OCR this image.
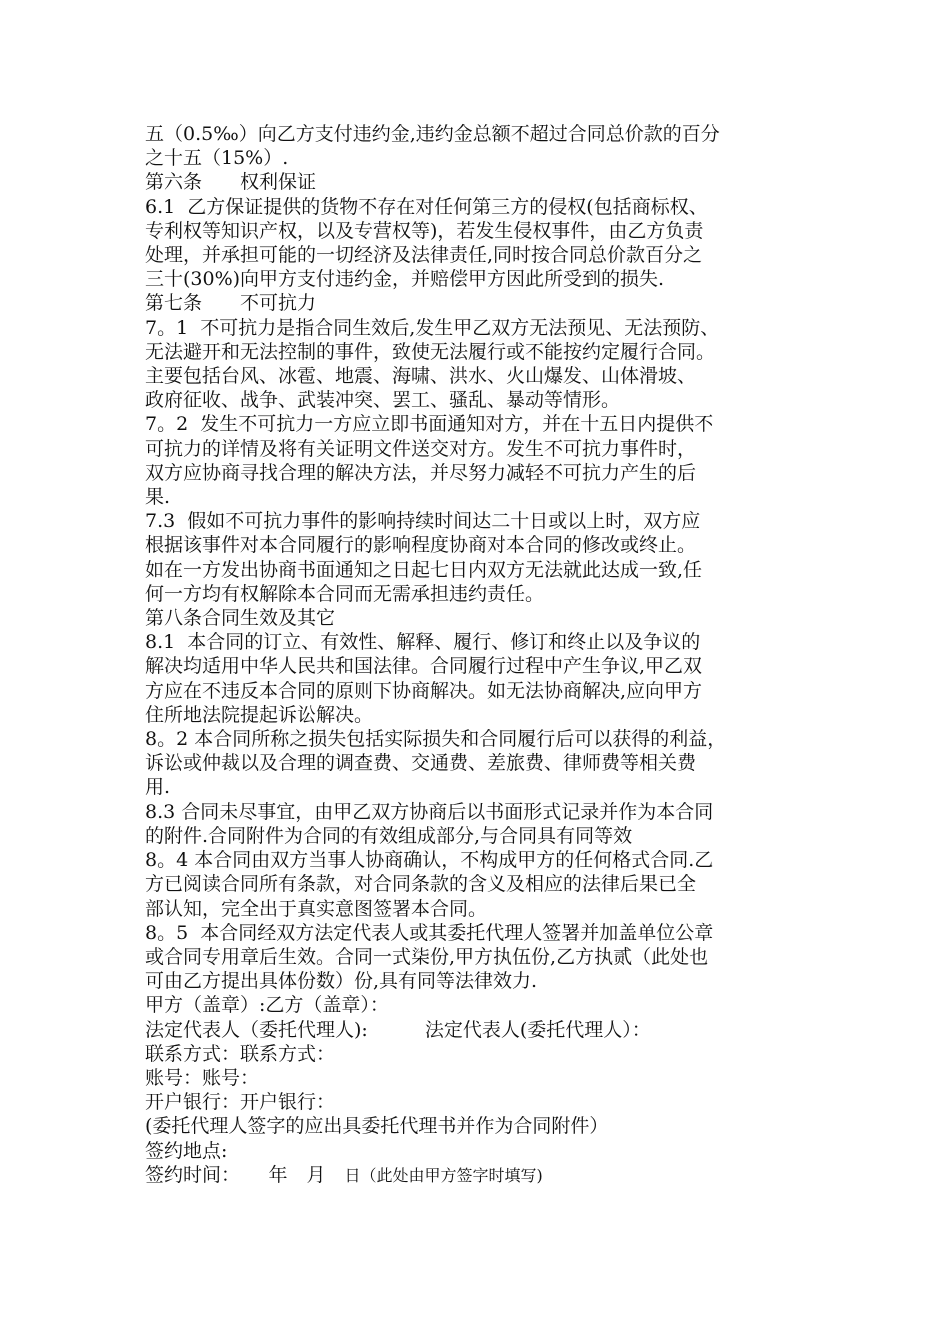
五（0.5‰）向乙方支付违约金,违约金总额不超过合同总价款的百分
之十五（15%）.
第六条　　权利保证
6.1  乙方保证提供的货物不存在对任何第三方的侵权(包括商标权、
专利权等知识产权，以及专营权等)，若发生侵权事件，由乙方负责
处理，并承担可能的一切经济及法律责任,同时按合同总价款百分之
三十(30%)向甲方支付违约金，并赔偿甲方因此所受到的损失.
第七条　　不可抗力
7。1  不可抗力是指合同生效后,发生甲乙双方无法预见、无法预防、
无法避开和无法控制的事件，致使无法履行或不能按约定履行合同。
主要包括台风、冰雹、地震、海啸、洪水、火山爆发、山体滑坡、
政府征收、战争、武装冲突、罢工、骚乱、暴动等情形。
7。2  发生不可抗力一方应立即书面通知对方，并在十五日内提供不
可抗力的详情及将有关证明文件送交对方。发生不可抗力事件时，
双方应协商寻找合理的解决方法，并尽努力减轻不可抗力产生的后
果.
7.3  假如不可抗力事件的影响持续时间达二十日或以上时，双方应
根据该事件对本合同履行的影响程度协商对本合同的修改或终止。
如在一方发出协商书面通知之日起七日内双方无法就此达成一致,任
何一方均有权解除本合同而无需承担违约责任。
第八条合同生效及其它
8.1  本合同的订立、有效性、解释、履行、修订和终止以及争议的
解决均适用中华人民共和国法律。合同履行过程中产生争议,甲乙双
方应在不违反本合同的原则下协商解决。如无法协商解决,应向甲方
住所地法院提起诉讼解决。
8。2 本合同所称之损失包括实际损失和合同履行后可以获得的利益，
诉讼或仲裁以及合理的调查费、交通费、差旅费、律师费等相关费
用.
8.3 合同未尽事宜，由甲乙双方协商后以书面形式记录并作为本合同
的附件.合同附件为合同的有效组成部分,与合同具有同等效
8。4 本合同由双方当事人协商确认，不构成甲方的任何格式合同.乙
方已阅读合同所有条款，对合同条款的含义及相应的法律后果已全
部认知，完全出于真实意图签署本合同。
8。5  本合同经双方法定代表人或其委托代理人签署并加盖单位公章
或合同专用章后生效。合同一式柒份,甲方执伍份,乙方执贰（此处也
可由乙方提出具体份数）份,具有同等法律效力.
甲方（盖章）:乙方（盖章）：
法定代表人（委托代理人):　　　法定代表人(委托代理人）：
联系方式：联系方式：
账号：账号：
开户银行：开户银行：
(委托代理人签字的应出具委托代理书并作为合同附件）
签约地点:
签约时间：　　年　月　日（此处由甲方签字时填写)
